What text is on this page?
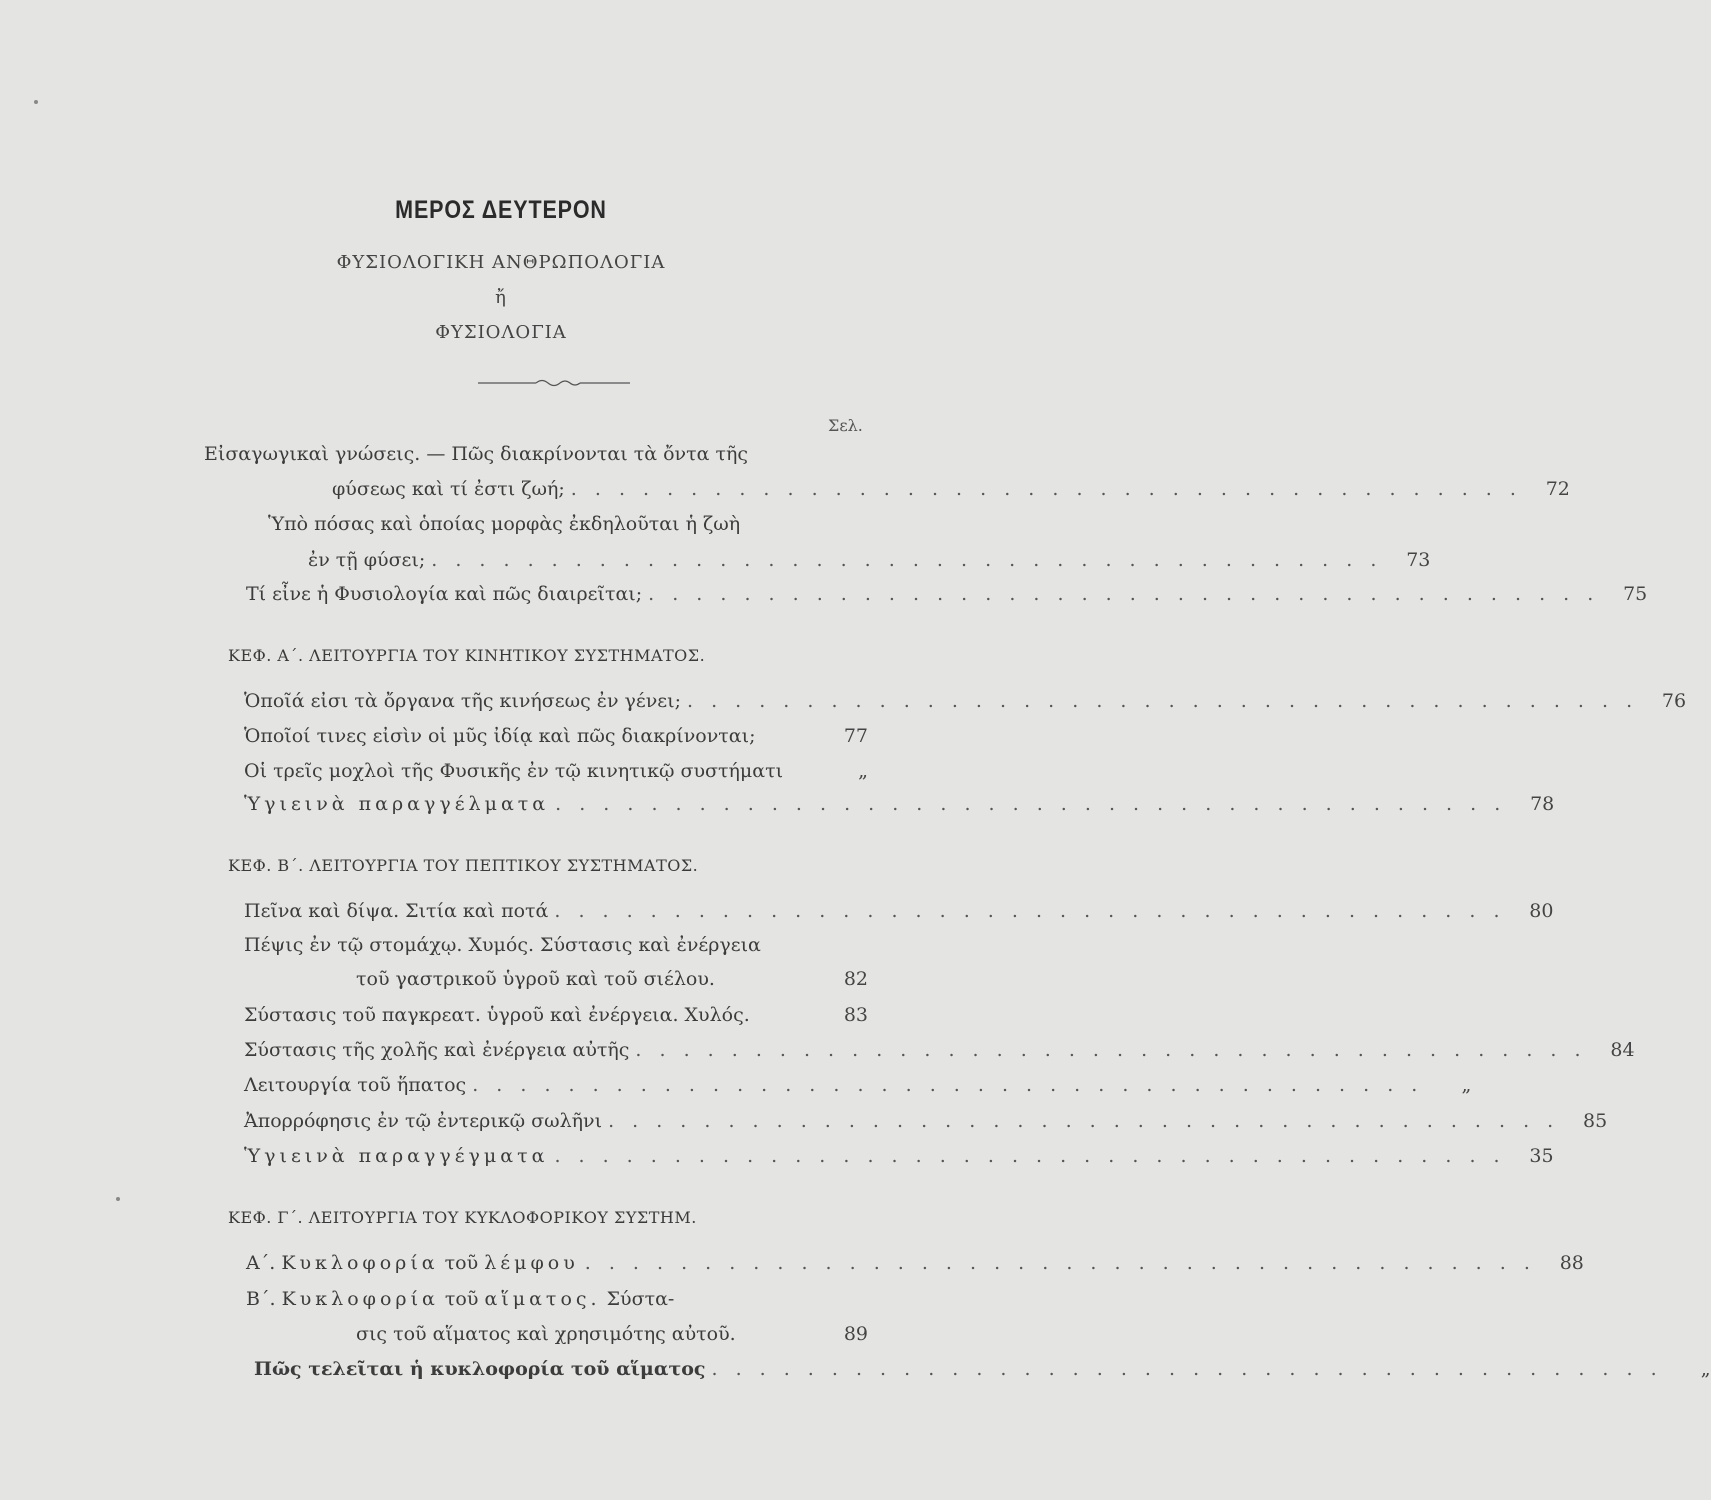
ΜΕΡΟΣ ΔΕΥΤΕΡΟΝ
ΦΥΣΙΟΛΟΓΙΚΗ ΑΝΘΡΩΠΟΛΟΓΙΑ
ἤ
ΦΥΣΙΟΛΟΓΙΑ
Σελ.
Εἰσαγωγικαὶ γνώσεις. — Πῶς διακρίνονται τὰ ὄντα τῆς
φύσεως καὶ τί ἐστι ζωή; . . . . . . . . . . . . . . . . . . . . . . . . . . . . . . . . . . . . . . . .	72
Ὑπὸ πόσας καὶ ὁποίας μορφὰς ἐκδηλοῦται ἡ ζωὴ
ἐν τῇ φύσει; . . . . . . . . . . . . . . . . . . . . . . . . . . . . . . . . . . . . . . . .	73
Τί εἶνε ἡ Φυσιολογία καὶ πῶς διαιρεῖται; . . . . . . . . . . . . . . . . . . . . . . . . . . . . . . . . . . . . . . . .	75
ΚΕΦ. Α΄. ΛΕΙΤΟΥΡΓΙΑ ΤΟΥ ΚΙΝΗΤΙΚΟΥ ΣΥΣΤΗΜΑΤΟΣ.
Ὁποῖά εἰσι τὰ ὄργανα τῆς κινήσεως ἐν γένει; . . . . . . . . . . . . . . . . . . . . . . . . . . . . . . . . . . . . . . . .	76
Ὁποῖοί τινες εἰσὶν οἱ μῦς ἰδίᾳ καὶ πῶς διακρίνονται;	77
Οἱ τρεῖς μοχλοὶ τῆς Φυσικῆς ἐν τῷ κινητικῷ συστήματι	„
Ὑγιεινὰ παραγγέλματα . . . . . . . . . . . . . . . . . . . . . . . . . . . . . . . . . . . . . . . .	78
ΚΕΦ. Β΄. ΛΕΙΤΟΥΡΓΙΑ ΤΟΥ ΠΕΠΤΙΚΟΥ ΣΥΣΤΗΜΑΤΟΣ.
Πεῖνα καὶ δίψα. Σιτία καὶ ποτά . . . . . . . . . . . . . . . . . . . . . . . . . . . . . . . . . . . . . . . .	80
Πέψις ἐν τῷ στομάχῳ. Χυμός. Σύστασις καὶ ἐνέργεια
τοῦ γαστρικοῦ ὑγροῦ καὶ τοῦ σιέλου.	82
Σύστασις τοῦ παγκρεατ. ὑγροῦ καὶ ἐνέργεια. Χυλός.	83
Σύστασις τῆς χολῆς καὶ ἐνέργεια αὐτῆς . . . . . . . . . . . . . . . . . . . . . . . . . . . . . . . . . . . . . . . .	84
Λειτουργία τοῦ ἥπατος . . . . . . . . . . . . . . . . . . . . . . . . . . . . . . . . . . . . . . . .	„
Ἀπορρόφησις ἐν τῷ ἐντερικῷ σωλῆνι . . . . . . . . . . . . . . . . . . . . . . . . . . . . . . . . . . . . . . . .	85
Ὑγιεινὰ παραγγέγματα . . . . . . . . . . . . . . . . . . . . . . . . . . . . . . . . . . . . . . . .	35
ΚΕΦ. Γ΄. ΛΕΙΤΟΥΡΓΙΑ ΤΟΥ ΚΥΚΛΟΦΟΡΙΚΟΥ ΣΥΣΤΗΜ.
Α΄. Κυκλοφορία τοῦ λέμφου . . . . . . . . . . . . . . . . . . . . . . . . . . . . . . . . . . . . . . . .	88
Β΄. Κυκλοφορία τοῦ αἵματος. Σύστα-
σις τοῦ αἵματος καὶ χρησιμότης αὐτοῦ.	89
Πῶς τελεῖται ἡ κυκλοφορία τοῦ αἵματος . . . . . . . . . . . . . . . . . . . . . . . . . . . . . . . . . . . . . . . .	„
